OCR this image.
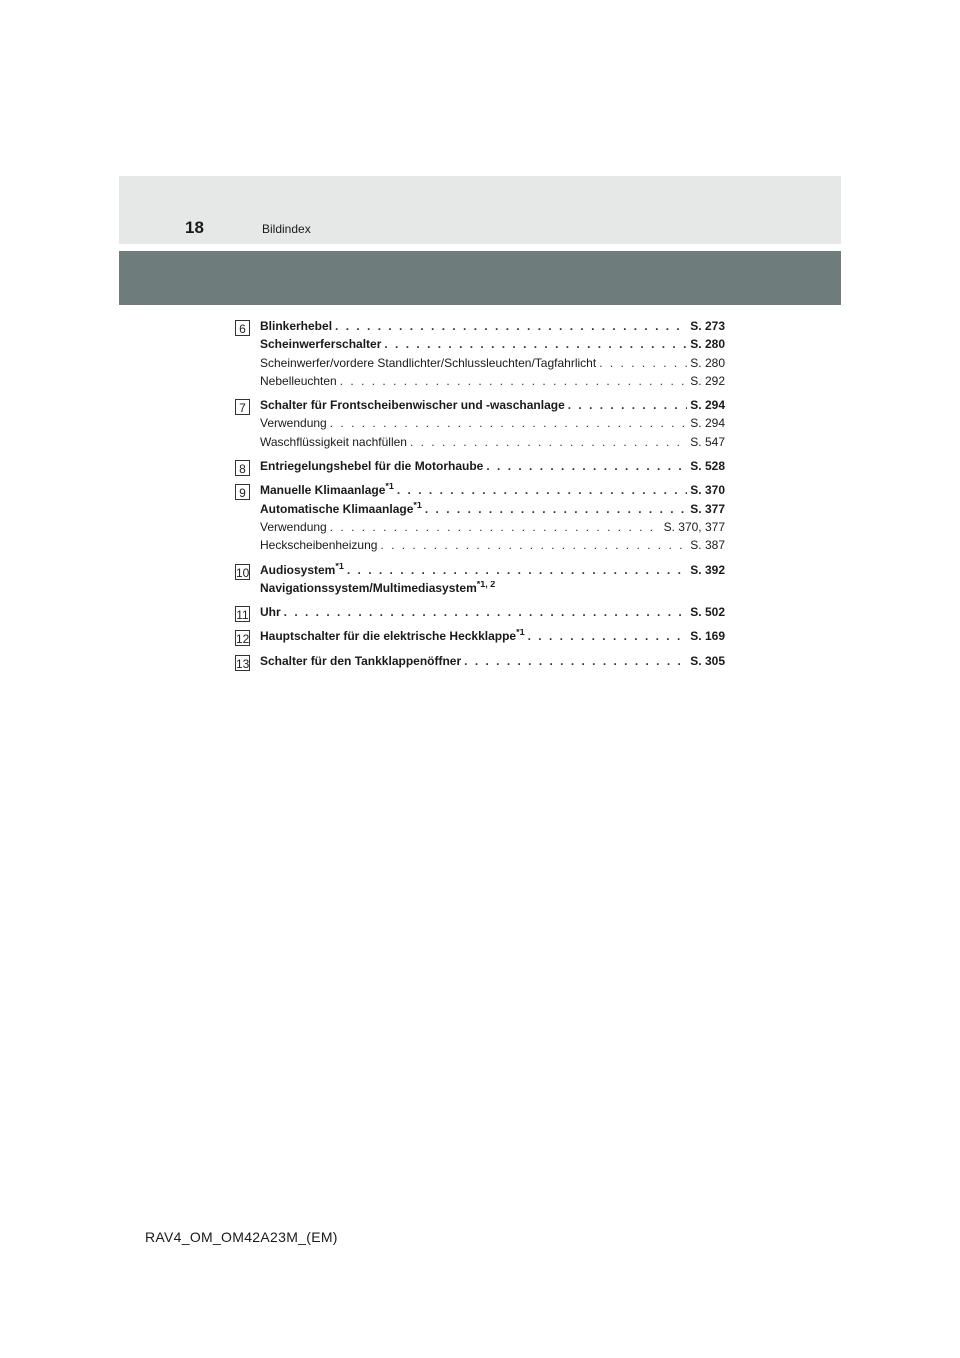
18	Bildindex
6	Blinkerhebel . . .	S. 273
Scheinwerferschalter . . .	S. 280
Scheinwerfer/vordere Standlichter/Schlussleuchten/Tagfahrlicht . . .	S. 280
Nebelleuchten . . .	S. 292
7	Schalter für Frontscheibenwischer und -waschanlage . . .	S. 294
Verwendung . . .	S. 294
Waschflüssigkeit nachfüllen . . .	S. 547
8	Entriegelungshebel für die Motorhaube . . .	S. 528
9	Manuelle Klimaanlage$^{*1}$ . . .	S. 370
Automatische Klimaanlage$^{*1}$ . . .	S. 377
Verwendung . . .	S. 370, 377
Heckscheibenheizung . . .	S. 387
10 Audiosystem$^{*1}$ . . .	S. 392
Navigationssystem/Multimediasystem$^{*1, 2}$
11 Uhr . . .	S. 502
12 Hauptschalter für die elektrische Heckklappe$^{*1}$ . . .	S. 169
13 Schalter für den Tankklappenöffner . . .	S. 305
RAV4_OM_OM42A23M_(EM)
